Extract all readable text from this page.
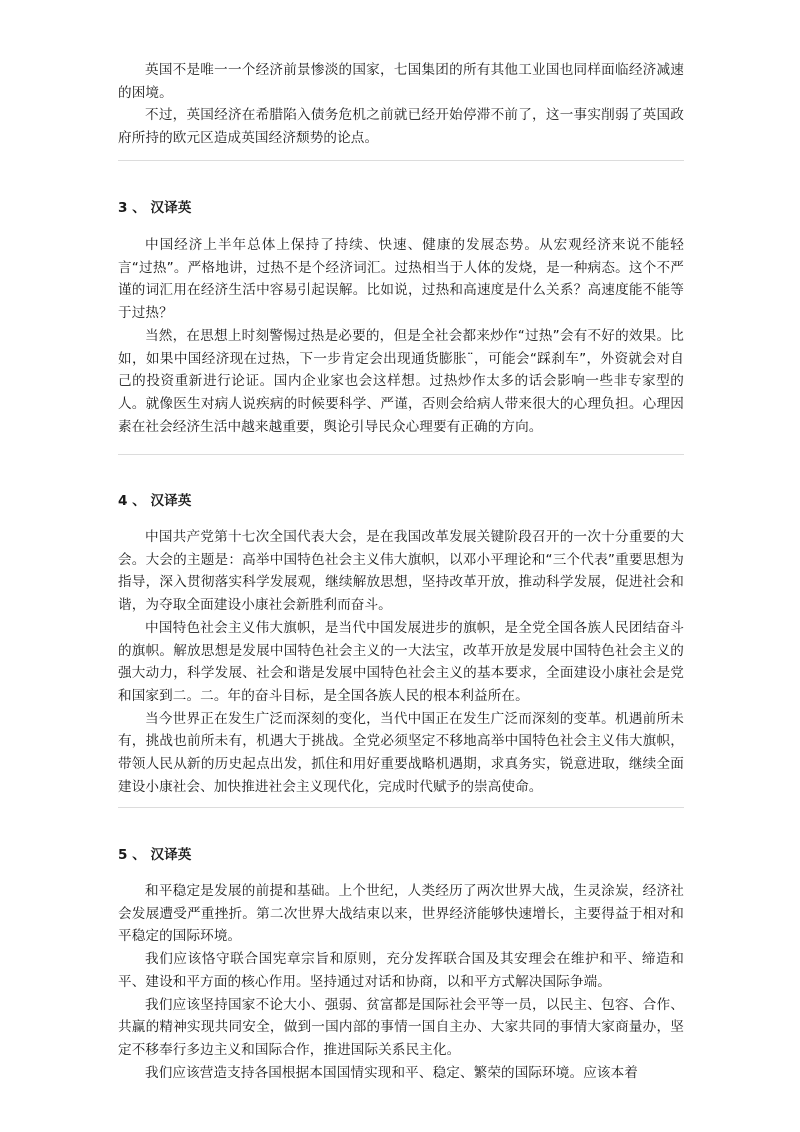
英国不是唯一一个经济前景惨淡的国家，七国集团的所有其他工业国也同样面临经济减速的困境。

不过，英国经济在希腊陷入债务危机之前就已经开始停滞不前了，这一事实削弱了英国政府所持的欧元区造成英国经济颓势的论点。

3 、 汉译英

中国经济上半年总体上保持了持续、快速、健康的发展态势。从宏观经济来说不能轻言“过热”。严格地讲，过热不是个经济词汇。过热相当于人体的发烧，是一种病态。这个不严谨的词汇用在经济生活中容易引起误解。比如说，过热和高速度是什么关系？高速度能不能等于过热？

当然，在思想上时刻警惕过热是必要的，但是全社会都来炒作“过热”会有不好的效果。比如，如果中国经济现在过热，下一步肯定会出现通货膨胀¨，可能会“踩刹车”，外资就会对自己的投资重新进行论证。国内企业家也会这样想。过热炒作太多的话会影响一些非专家型的人。就像医生对病人说疾病的时候要科学、严谨，否则会给病人带来很大的心理负担。心理因素在社会经济生活中越来越重要，舆论引导民众心理要有正确的方向。

4 、 汉译英

中国共产党第十七次全国代表大会，是在我国改革发展关键阶段召开的一次十分重要的大会。大会的主题是：高举中国特色社会主义伟大旗帜，以邓小平理论和“三个代表”重要思想为指导，深入贯彻落实科学发展观，继续解放思想，坚持改革开放，推动科学发展，促进社会和谐，为夺取全面建设小康社会新胜利而奋斗。

中国特色社会主义伟大旗帜，是当代中国发展进步的旗帜，是全党全国各族人民团结奋斗的旗帜。解放思想是发展中国特色社会主义的一大法宝，改革开放是发展中国特色社会主义的强大动力，科学发展、社会和谐是发展中国特色社会主义的基本要求，全面建设小康社会是党和国家到二。二。年的奋斗目标，是全国各族人民的根本利益所在。

当今世界正在发生广泛而深刻的变化，当代中国正在发生广泛而深刻的变革。机遇前所未有，挑战也前所未有，机遇大于挑战。全党必须坚定不移地高举中国特色社会主义伟大旗帜，带领人民从新的历史起点出发，抓住和用好重要战略机遇期，求真务实，锐意进取，继续全面建设小康社会、加快推进社会主义现代化，完成时代赋予的崇高使命。

5 、 汉译英

和平稳定是发展的前提和基础。上个世纪，人类经历了两次世界大战，生灵涂炭，经济社会发展遭受严重挫折。第二次世界大战结束以来，世界经济能够快速增长，主要得益于相对和平稳定的国际环境。

我们应该恪守联合国宪章宗旨和原则，充分发挥联合国及其安理会在维护和平、缔造和平、建设和平方面的核心作用。坚持通过对话和协商，以和平方式解决国际争端。

我们应该坚持国家不论大小、强弱、贫富都是国际社会平等一员，以民主、包容、合作、共赢的精神实现共同安全，做到一国内部的事情一国自主办、大家共同的事情大家商量办，坚定不移奉行多边主义和国际合作，推进国际关系民主化。

我们应该营造支持各国根据本国国情实现和平、稳定、繁荣的国际环境。应该本着
